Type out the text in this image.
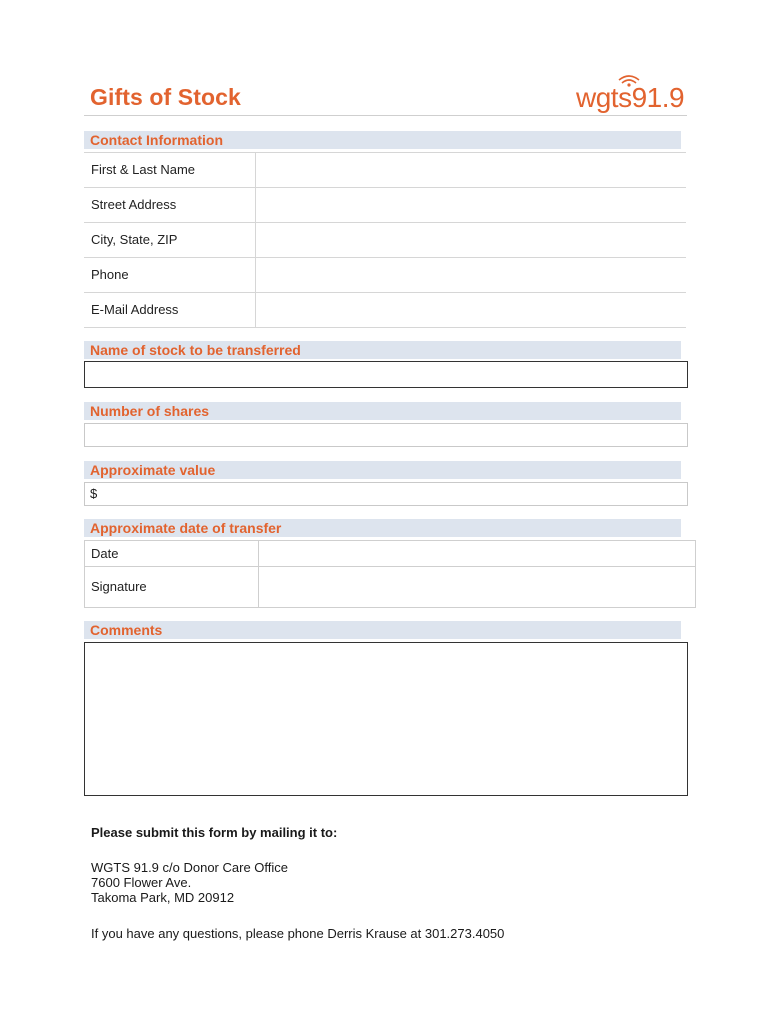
Gifts of Stock	wgts91.9
Contact Information
First & Last Name
Street Address
City, State, ZIP
Phone
E-Mail Address
Name of stock to be transferred
Number of shares
Approximate value
$
Approximate date of transfer
Date
Signature
Comments
Please submit this form by mailing it to:
WGTS 91.9 c/o Donor Care Office
7600 Flower Ave.
Takoma Park, MD 20912
If you have any questions, please phone Derris Krause at 301.273.4050
